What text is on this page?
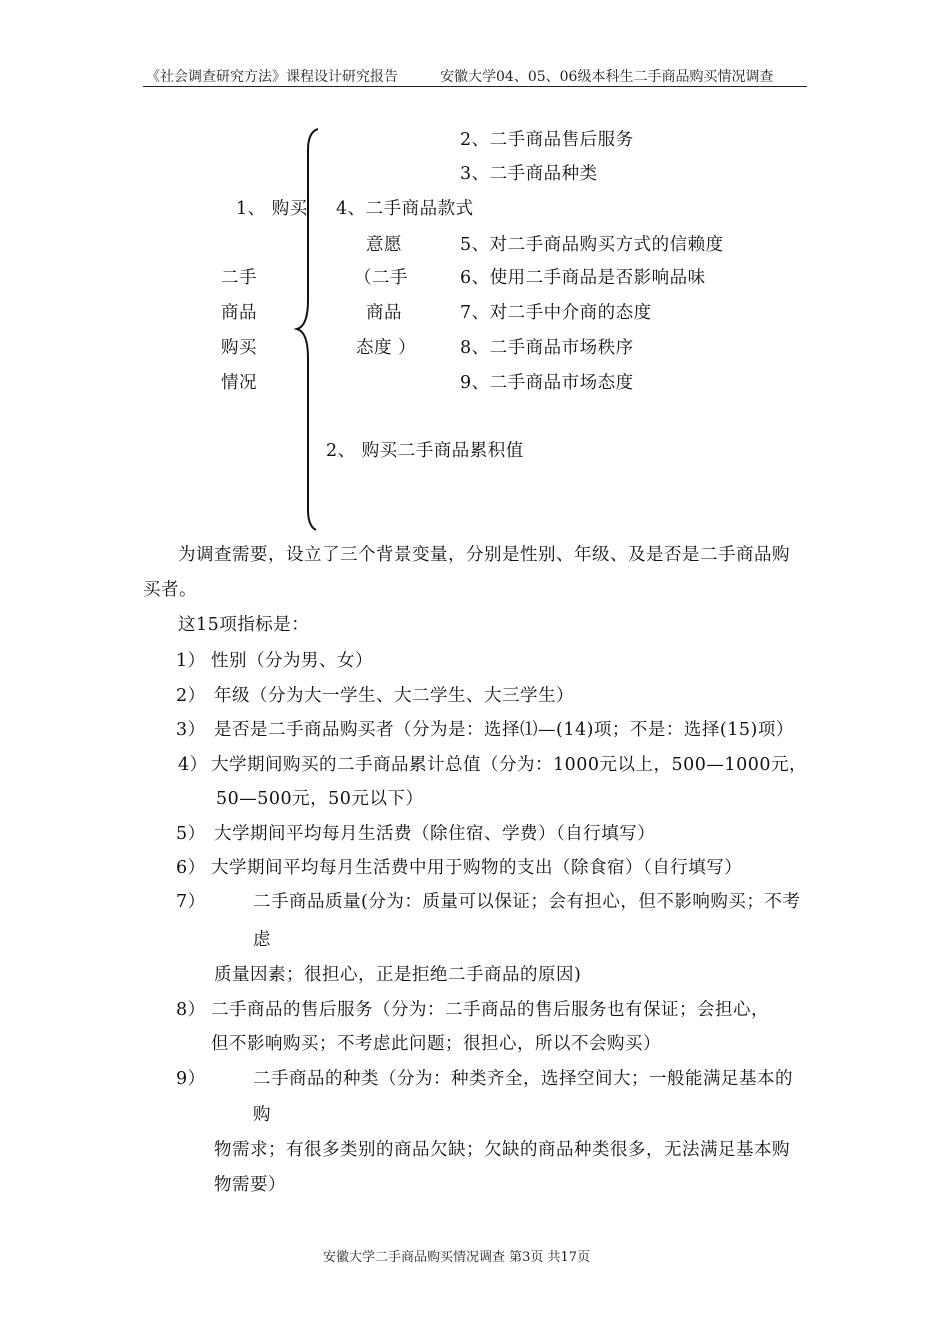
《社会调查研究方法》课程设计研究报告	安徽大学04、05、06级本科生二手商品购买情况调查
二手
商品
购买
情况
1、 购买
意愿
（二手
商品
态度 ）
2、二手商品售后服务
3、二手商品种类
4、二手商品款式
5、对二手商品购买方式的信赖度
6、使用二手商品是否影响品味
7、对二手中介商的态度
8、二手商品市场秩序
9、二手商品市场态度
2、 购买二手商品累积值
为调查需要，设立了三个背景变量，分别是性别、年级、及是否是二手商品购
买者。
这15项指标是：
1） 性别（分为男、女）
2） 年级（分为大一学生、大二学生、大三学生）
3） 是否是二手商品购买者（分为是：选择⑴—(14)项；不是：选择(15)项）
4） 大学期间购买的二手商品累计总值（分为：1000元以上，500—1000元，
50—500元，50元以下）
5） 大学期间平均每月生活费（除住宿、学费）（自行填写）
6） 大学期间平均每月生活费中用于购物的支出（除食宿）（自行填写）
7）	二手商品质量(分为：质量可以保证；会有担心，但不影响购买；不考
虑
质量因素；很担心，正是拒绝二手商品的原因)
8） 二手商品的售后服务（分为：二手商品的售后服务也有保证；会担心，
但不影响购买；不考虑此问题；很担心，所以不会购买）
9）	二手商品的种类（分为：种类齐全，选择空间大；一般能满足基本的
购
物需求；有很多类别的商品欠缺；欠缺的商品种类很多，无法满足基本购
物需要）
安徽大学二手商品购买情况调查 第3页 共17页
